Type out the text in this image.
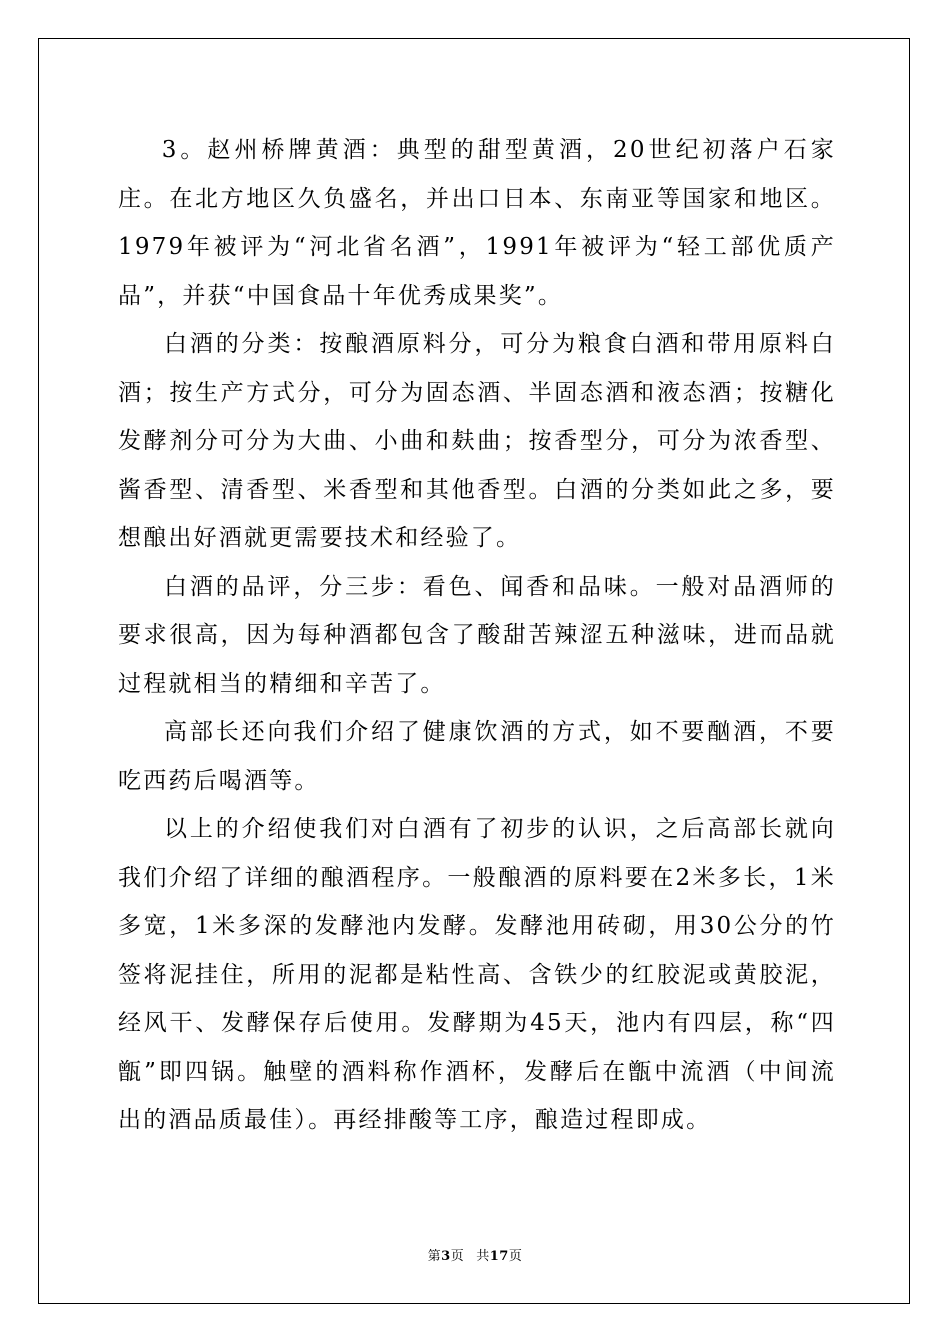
3。赵州桥牌黄酒：典型的甜型黄酒，20世纪初落户石家庄。在北方地区久负盛名，并出口日本、东南亚等国家和地区。1979年被评为“河北省名酒”，1991年被评为“轻工部优质产品”，并获“中国食品十年优秀成果奖”。

白酒的分类：按酿酒原料分，可分为粮食白酒和带用原料白酒；按生产方式分，可分为固态酒、半固态酒和液态酒；按糖化发酵剂分可分为大曲、小曲和麸曲；按香型分，可分为浓香型、酱香型、清香型、米香型和其他香型。白酒的分类如此之多，要想酿出好酒就更需要技术和经验了。

白酒的品评，分三步：看色、闻香和品味。一般对品酒师的要求很高，因为每种酒都包含了酸甜苦辣涩五种滋味，进而品就过程就相当的精细和辛苦了。

高部长还向我们介绍了健康饮酒的方式，如不要酗酒，不要吃西药后喝酒等。

以上的介绍使我们对白酒有了初步的认识，之后高部长就向我们介绍了详细的酿酒程序。一般酿酒的原料要在2米多长，1米多宽，1米多深的发酵池内发酵。发酵池用砖砌，用30公分的竹签将泥挂住，所用的泥都是粘性高、含铁少的红胶泥或黄胶泥，经风干、发酵保存后使用。发酵期为45天，池内有四层，称“四甑”即四锅。触壁的酒料称作酒杯，发酵后在甑中流酒（中间流出的酒品质最佳）。再经排酸等工序，酿造过程即成。

第3页 共17页
